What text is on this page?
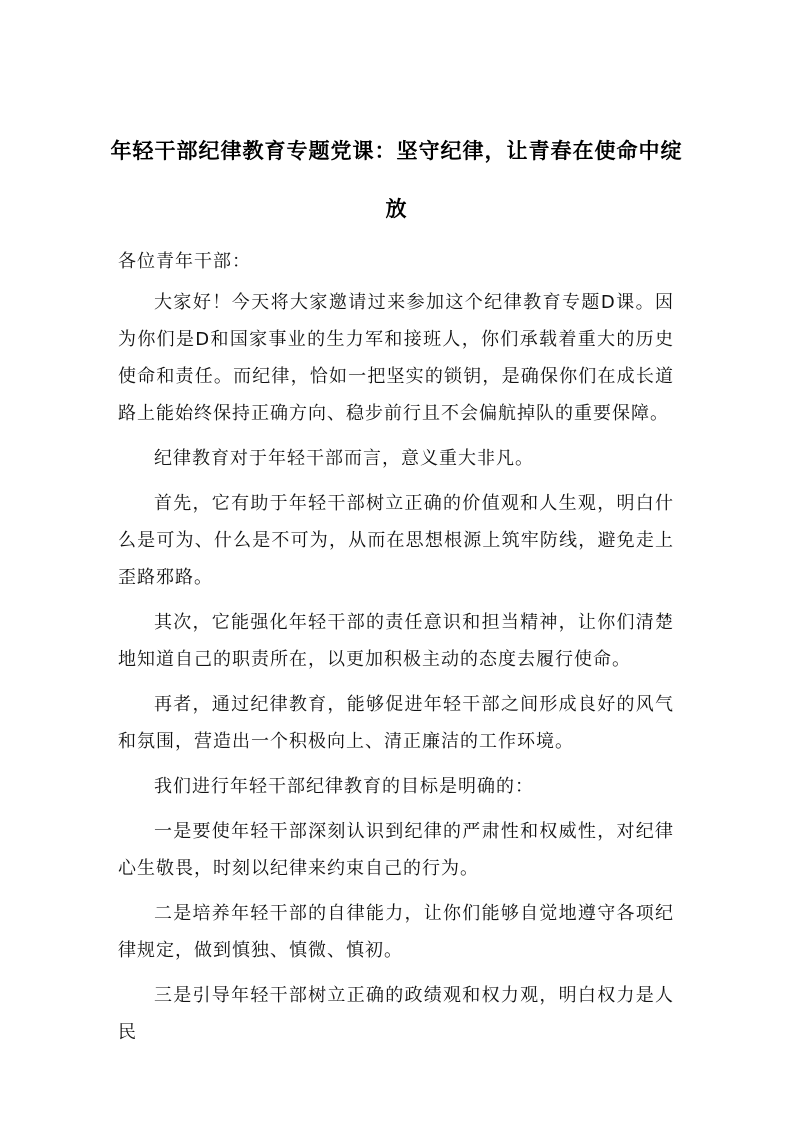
年轻干部纪律教育专题党课：坚守纪律，让青春在使命中绽放

各位青年干部：

大家好！今天将大家邀请过来参加这个纪律教育专题D课。因为你们是D和国家事业的生力军和接班人，你们承载着重大的历史使命和责任。而纪律，恰如一把坚实的锁钥，是确保你们在成长道路上能始终保持正确方向、稳步前行且不会偏航掉队的重要保障。

纪律教育对于年轻干部而言，意义重大非凡。

首先，它有助于年轻干部树立正确的价值观和人生观，明白什么是可为、什么是不可为，从而在思想根源上筑牢防线，避免走上歪路邪路。

其次，它能强化年轻干部的责任意识和担当精神，让你们清楚地知道自己的职责所在，以更加积极主动的态度去履行使命。

再者，通过纪律教育，能够促进年轻干部之间形成良好的风气和氛围，营造出一个积极向上、清正廉洁的工作环境。

我们进行年轻干部纪律教育的目标是明确的：

一是要使年轻干部深刻认识到纪律的严肃性和权威性，对纪律心生敬畏，时刻以纪律来约束自己的行为。

二是培养年轻干部的自律能力，让你们能够自觉地遵守各项纪律规定，做到慎独、慎微、慎初。

三是引导年轻干部树立正确的政绩观和权力观，明白权力是人民
